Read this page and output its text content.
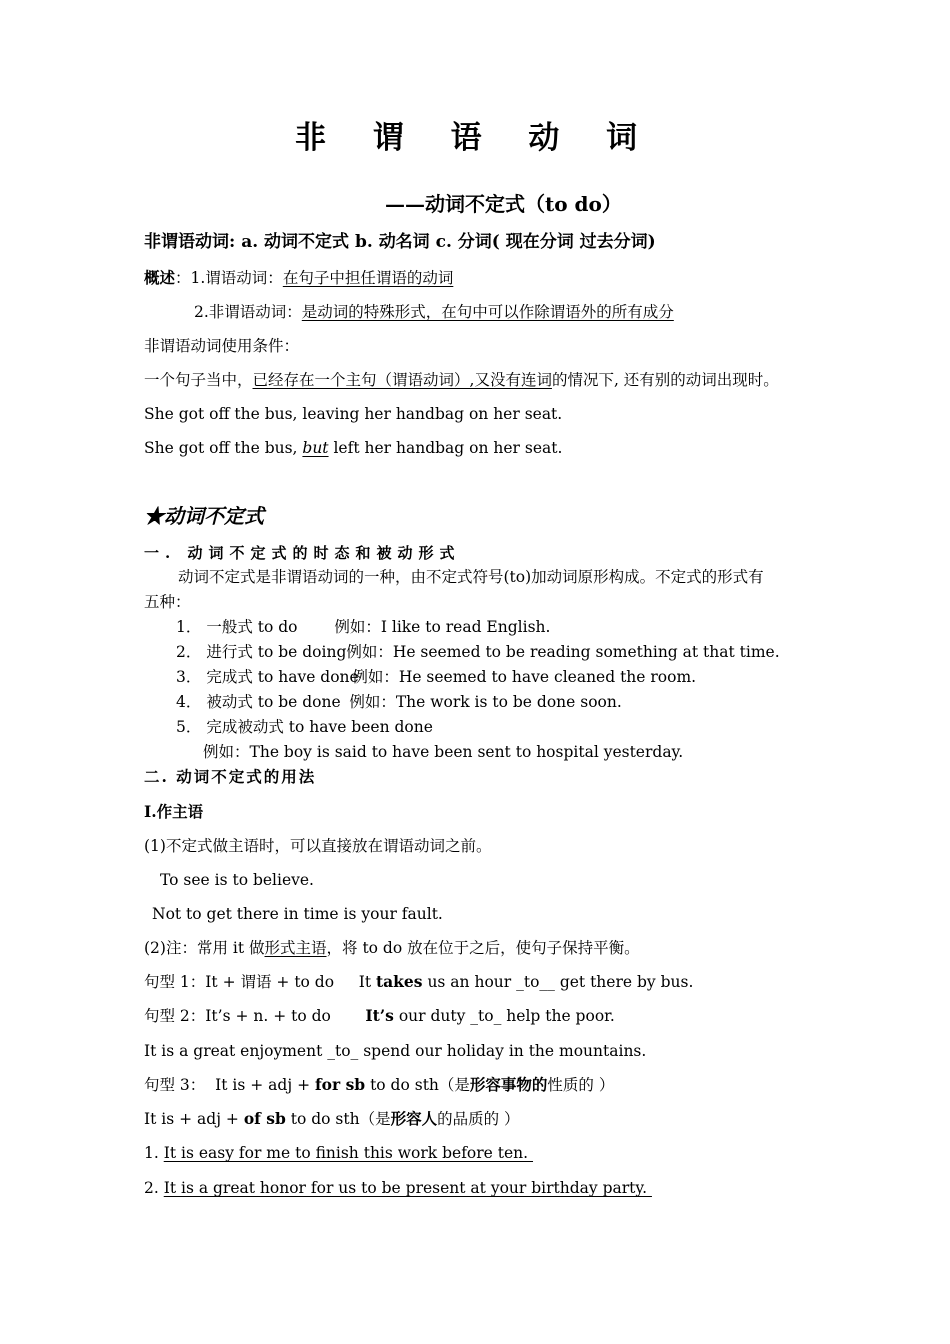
非 谓 语 动 词
——动词不定式（to do）
非谓语动词: a. 动词不定式 b. 动名词 c. 分词( 现在分词 过去分词)
概述：1.谓语动词：在句子中担任谓语的动词
2.非谓语动词：是动词的特殊形式，在句中可以作除谓语外的所有成分
非谓语动词使用条件：
一个句子当中，已经存在一个主句（谓语动词）,又没有连词的情况下, 还有别的动词出现时。
She got off the bus, leaving her handbag on her seat.
She got off the bus, but left her handbag on her seat.
★动词不定式
一. 动词不定式的时态和被动形式
动词不定式是非谓语动词的一种，由不定式符号(to)加动词原形构成。不定式的形式有
五种：
1． 一般式 to do 例如：I like to read English.
2． 进行式 to be doing例如：He seemed to be reading something at that time.
3． 完成式 to have done例如：He seemed to have cleaned the room.
4． 被动式 to be done 例如：The work is to be done soon.
5． 完成被动式 to have been done
例如：The boy is said to have been sent to hospital yesterday.
二. 动词不定式的用法
I.作主语
(1)不定式做主语时，可以直接放在谓语动词之前。
To see is to believe.
Not to get there in time is your fault.
(2)注：常用 it 做形式主语，将 to do 放在位于之后，使句子保持平衡。
句型 1：It + 谓语 + to do     It takes us an hour _to__ get there by bus.
句型 2：It’s + n. + to do       It’s our duty _to_ help the poor.
It is a great enjoyment _to_ spend our holiday in the mountains.
句型 3：  It is + adj + for sb to do sth（是形容事物的性质的 ）
It is + adj + of sb to do sth（是形容人的品质的 ）
1. It is easy for me to finish this work before ten.
2. It is a great honor for us to be present at your birthday party.
